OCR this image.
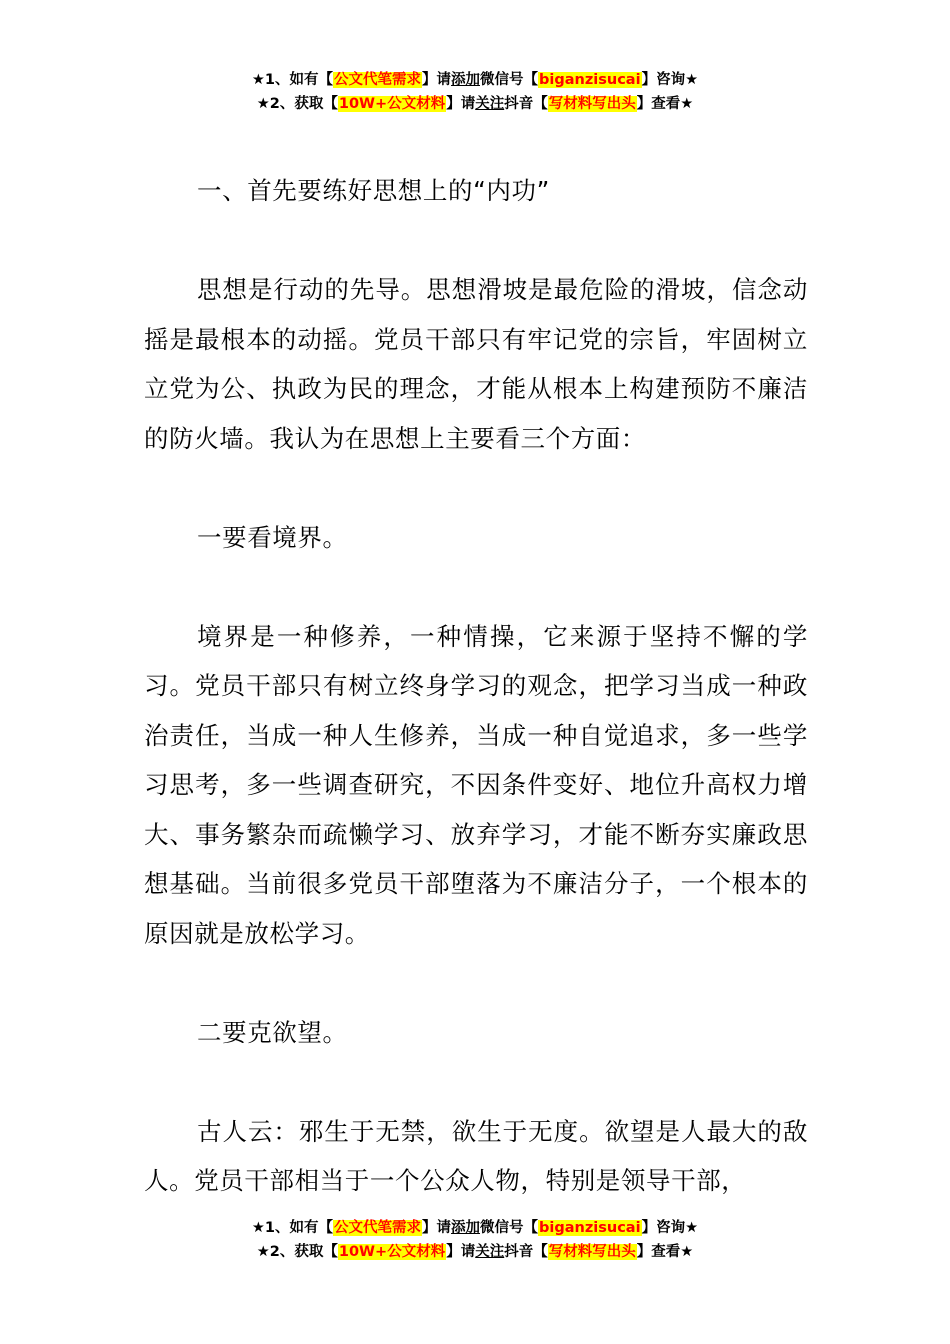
★1、如有【公文代笔需求】请添加微信号【biganzisucai】咨询★
★2、获取【10W+公文材料】请关注抖音【写材料写出头】查看★

一、首先要练好思想上的“内功”

思想是行动的先导。思想滑坡是最危险的滑坡，信念动摇是最根本的动摇。党员干部只有牢记党的宗旨，牢固树立立党为公、执政为民的理念，才能从根本上构建预防不廉洁的防火墙。我认为在思想上主要看三个方面：

一要看境界。

境界是一种修养，一种情操，它来源于坚持不懈的学习。党员干部只有树立终身学习的观念，把学习当成一种政治责任，当成一种人生修养，当成一种自觉追求，多一些学习思考，多一些调查研究，不因条件变好、地位升高权力增大、事务繁杂而疏懒学习、放弃学习，才能不断夯实廉政思想基础。当前很多党员干部堕落为不廉洁分子，一个根本的原因就是放松学习。

二要克欲望。

古人云：邪生于无禁，欲生于无度。欲望是人最大的敌人。党员干部相当于一个公众人物，特别是领导干部，

★1、如有【公文代笔需求】请添加微信号【biganzisucai】咨询★
★2、获取【10W+公文材料】请关注抖音【写材料写出头】查看★
